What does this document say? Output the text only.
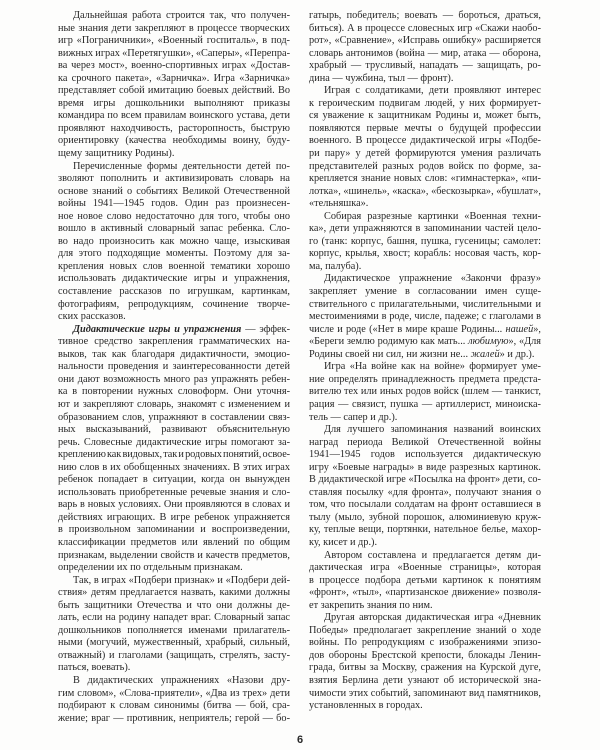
Дальнейшая работа строится так, что получен-
ные знания дети закрепляют в процессе творческих
игр «Пограничники», «Военный госпиталь», в под-
вижных играх «Перетягушки», «Саперы», «Перепра-
ва через мост», военно-спортивных играх «Достав-
ка срочного пакета», «Зарничка». Игра «Зарничка»
представляет собой имитацию боевых действий. Во
время игры дошкольники выполняют приказы
командира по всем правилам воинского устава, дети
проявляют находчивость, расторопность, быструю
ориентировку (качества необходимы воину, буду-
щему защитнику Родины).
Перечисленные формы деятельности детей по-
зволяют пополнить и активизировать словарь на
основе знаний о событиях Великой Отечественной
войны 1941—1945 годов. Один раз произнесен-
ное новое слово недостаточно для того, чтобы оно
вошло в активный словарный запас ребенка. Сло-
во надо произносить как можно чаще, изыскивая
для этого подходящие моменты. Поэтому для за-
крепления новых слов военной тематики хорошо
использовать дидактические игры и упражнения,
составление рассказов по игрушкам, картинкам,
фотографиям, репродукциям, сочинение творче-
ских рассказов.
Дидактические игры и упражнения — эффек-
тивное средство закрепления грамматических на-
выков, так как благодаря дидактичности, эмоцио-
нальности проведения и заинтересованности детей
они дают возможность много раз упражнять ребен-
ка в повторении нужных словоформ. Они уточня-
ют и закрепляют словарь, знакомят с изменением и
образованием слов, упражняют в составлении связ-
ных высказываний, развивают объяснительную
речь. Словесные дидактические игры помогают за-
креплению как видовых, так и родовых понятий, освое-
нию слов в их обобщенных значениях. В этих играх
ребенок попадает в ситуации, когда он вынужден
использовать приобретенные речевые знания и сло-
варь в новых условиях. Они проявляются в словах и
действиях играющих. В игре ребенок упражняется
в произвольном запоминании и воспроизведении,
классификации предметов или явлений по общим
признакам, выделении свойств и качеств предметов,
определении их по отдельным признакам.
Так, в играх «Подбери признак» и «Подбери дей-
ствия» детям предлагается назвать, какими должны
быть защитники Отечества и что они должны де-
лать, если на родину нападет враг. Словарный запас
дошкольников пополняется именами прилагатель-
ными (могучий, мужественный, храбрый, сильный,
отважный) и глаголами (защищать, стрелять, засту-
паться, воевать).
В дидактических упражнениях «Назови дру-
гим словом», «Слова-приятели», «Два из трех» дети
подбирают к словам синонимы (битва — бой, сра-
жение; враг — противник, неприятель; герой — бо-
гатырь, победитель; воевать — бороться, драться,
биться). А в процессе словесных игр «Скажи наобо-
рот», «Сравнение», «Исправь ошибку» расширяется
словарь антонимов (война — мир, атака — оборона,
храбрый — трусливый, нападать — защищать, ро-
дина — чужбина, тыл — фронт).
Играя с солдатиками, дети проявляют интерес
к героическим подвигам людей, у них формирует-
ся уважение к защитникам Родины и, может быть,
появляются первые мечты о будущей профессии
военного. В процессе дидактической игры «Подбе-
ри пару» у детей формируются умения различать
представителей разных родов войск по форме, за-
крепляется знание новых слов: «гимнастерка», «пи-
лотка», «шинель», «каска», «бескозырка», «бушлат»,
«тельняшка».
Собирая разрезные картинки «Военная техни-
ка», дети упражняются в запоминании частей цело-
го (танк: корпус, башня, пушка, гусеницы; самолет:
корпус, крылья, хвост; корабль: носовая часть, кор-
ма, палуба).
Дидактическое упражнение «Закончи фразу»
закрепляет умение в согласовании имен суще-
ствительного с прилагательными, числительными и
местоимениями в роде, числе, падеже; с глаголами в
числе и роде («Нет в мире краше Родины... нашей»,
«Береги землю родимую как мать... любимую», «Для
Родины своей ни сил, ни жизни не... жалей» и др.).
Игра «На войне как на войне» формирует уме-
ние определять принадлежность предмета предста-
вителю тех или иных родов войск (шлем — танкист,
рация — связист, пушка — артиллерист, миноиска-
тель — сапер и др.).
Для лучшего запоминания названий воинских
наград периода Великой Отечественной войны
1941—1945 годов используется дидактическую
игру «Боевые награды» в виде разрезных картинок.
В дидактической игре «Посылка на фронт» дети, со-
ставляя посылку «для фронта», получают знания о
том, что посылали солдатам на фронт оставшиеся в
тылу (мыло, зубной порошок, алюминиевую круж-
ку, теплые вещи, портянки, нательное белье, махор-
ку, кисет и др.).
Автором составлена и предлагается детям ди-
дактическая игра «Военные страницы», которая
в процессе подбора детьми картинок к понятиям
«фронт», «тыл», «партизанское движение» позволя-
ет закрепить знания по ним.
Другая авторская дидактическая игра «Дневник
Победы» предполагает закрепление знаний о ходе
войны. По репродукциям с изображениями эпизо-
дов обороны Брестской крепости, блокады Ленин-
града, битвы за Москву, сражения на Курской дуге,
взятия Берлина дети узнают об исторической зна-
чимости этих событий, запоминают вид памятников,
установленных в городах.
6
